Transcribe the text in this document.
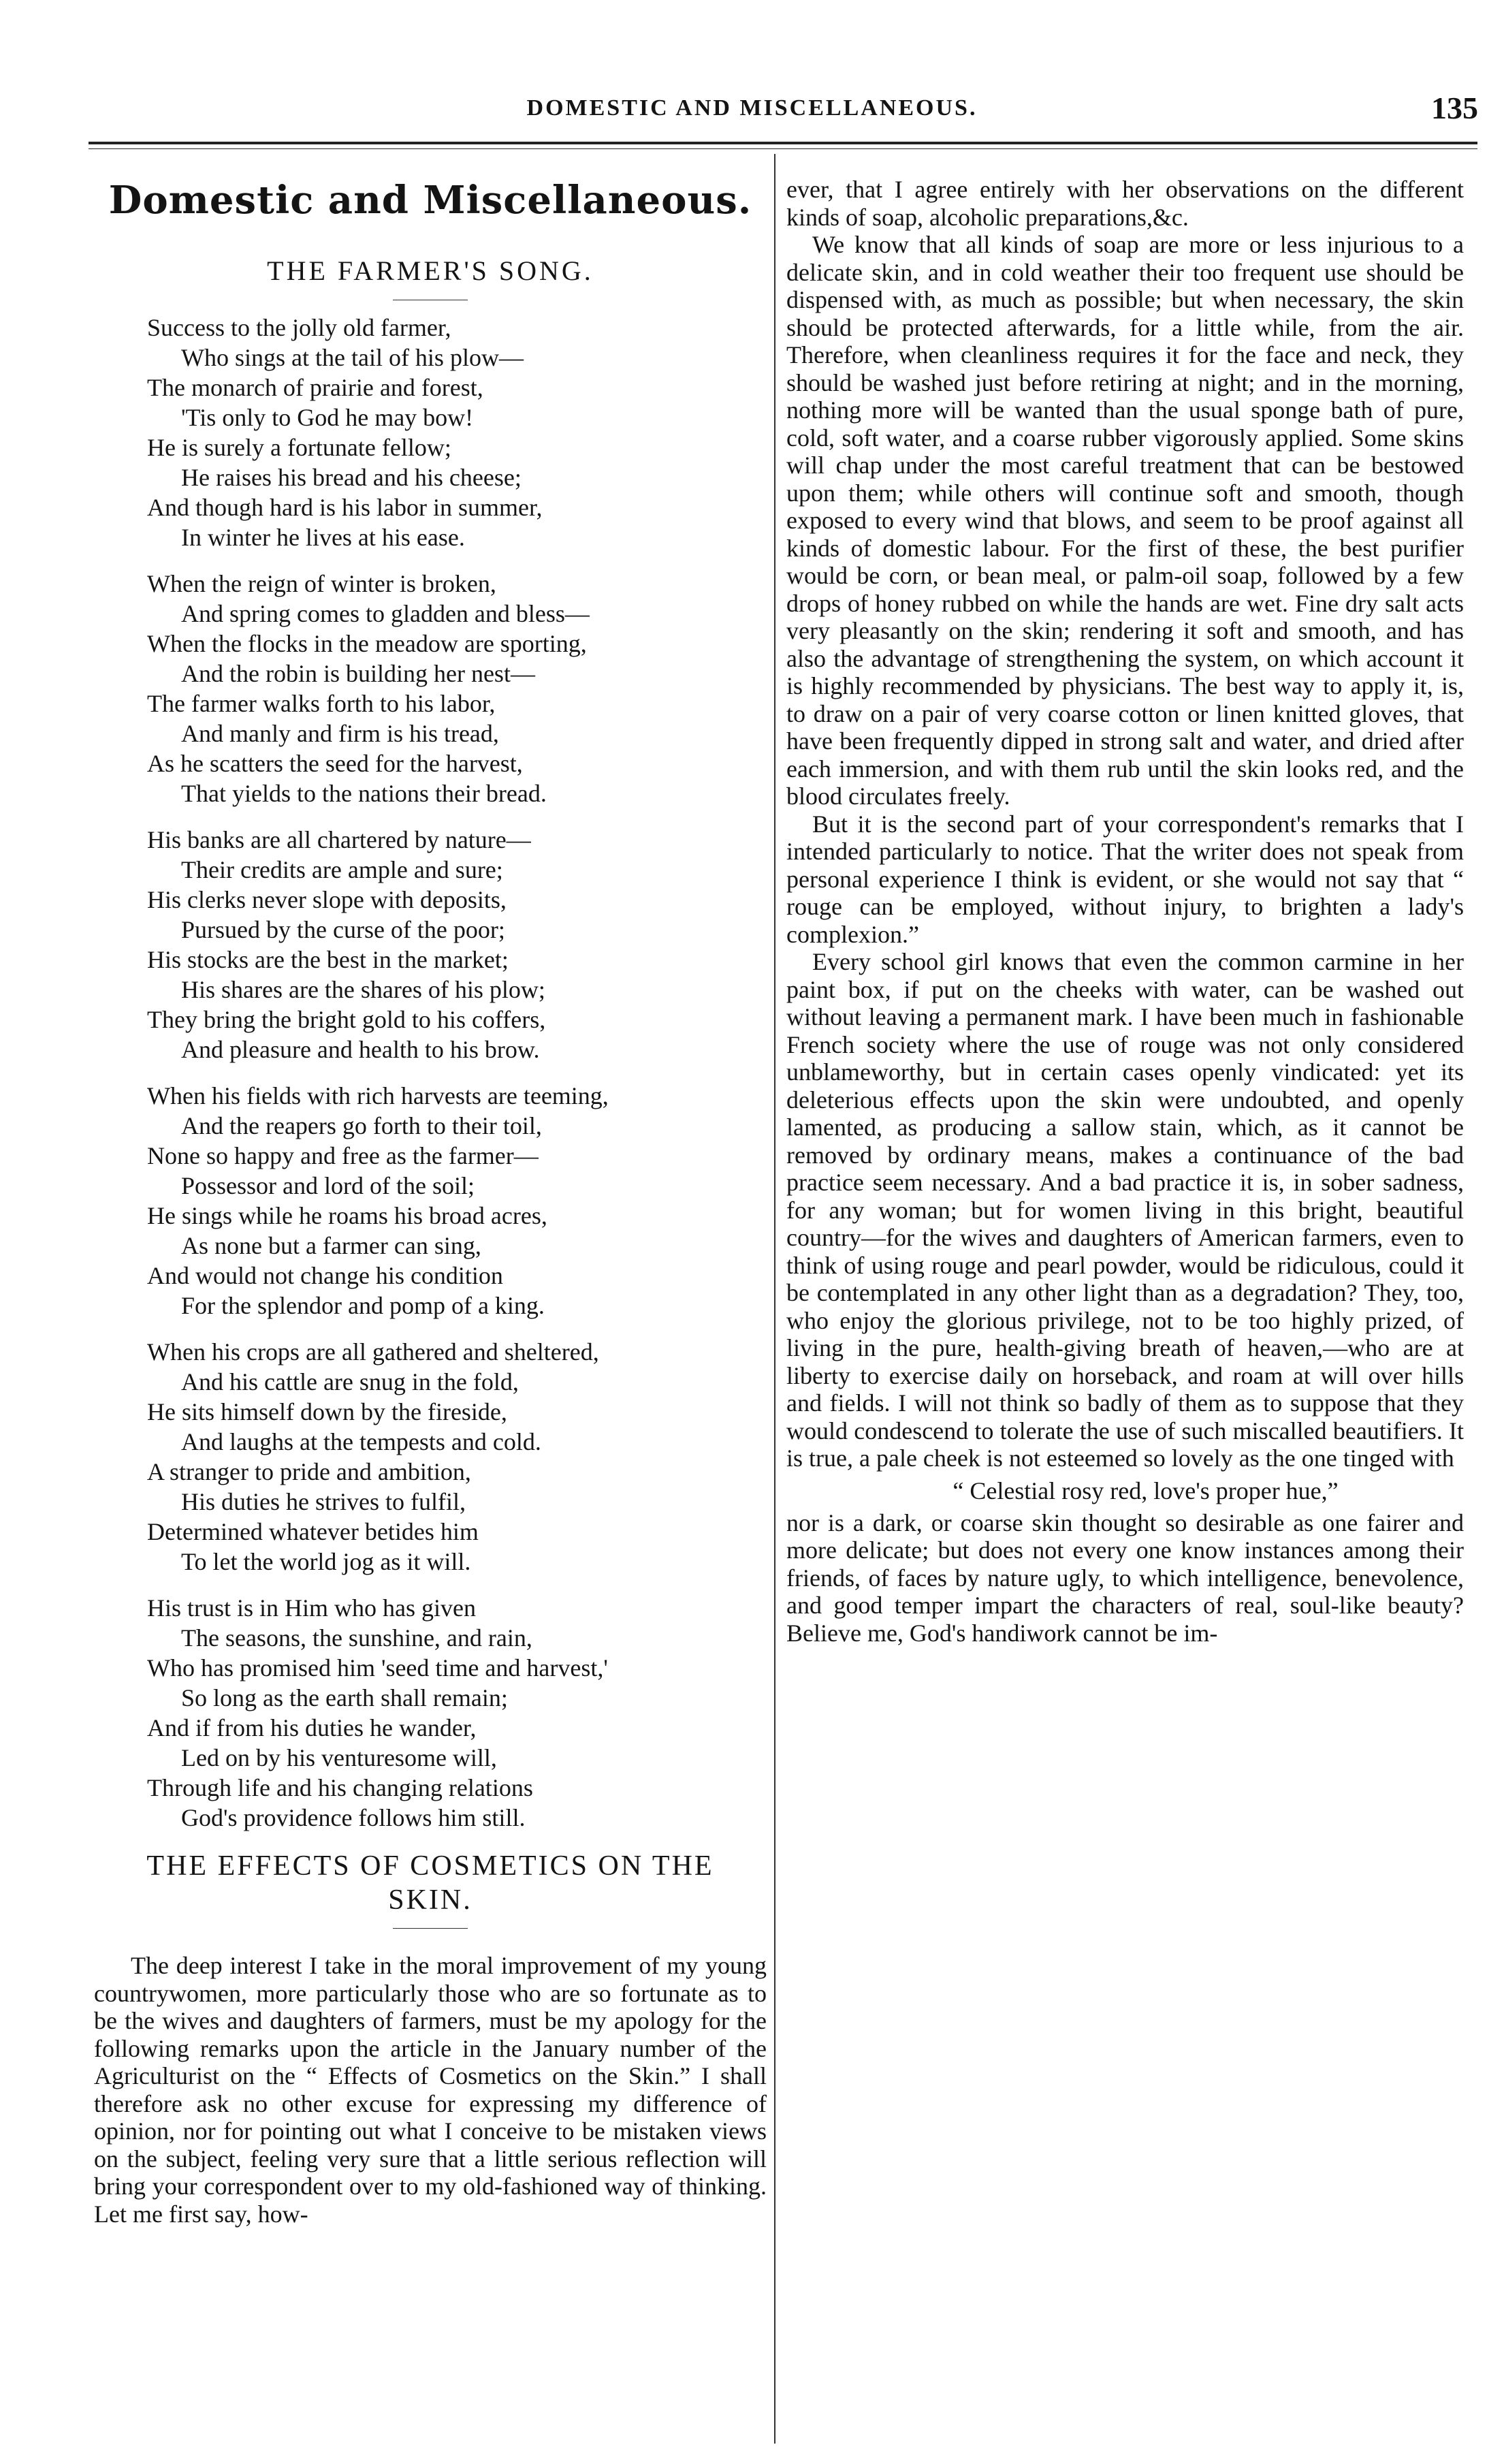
DOMESTIC AND MISCELLANEOUS.	135
Domestic and Miscellaneous.
THE FARMER'S SONG.
Success to the jolly old farmer,
Who sings at the tail of his plow—
The monarch of prairie and forest,
'Tis only to God he may bow!
He is surely a fortunate fellow;
He raises his bread and his cheese;
And though hard is his labor in summer,
In winter he lives at his ease.
When the reign of winter is broken,
And spring comes to gladden and bless—
When the flocks in the meadow are sporting,
And the robin is building her nest—
The farmer walks forth to his labor,
And manly and firm is his tread,
As he scatters the seed for the harvest,
That yields to the nations their bread.
His banks are all chartered by nature—
Their credits are ample and sure;
His clerks never slope with deposits,
Pursued by the curse of the poor;
His stocks are the best in the market;
His shares are the shares of his plow;
They bring the bright gold to his coffers,
And pleasure and health to his brow.
When his fields with rich harvests are teeming,
And the reapers go forth to their toil,
None so happy and free as the farmer—
Possessor and lord of the soil;
He sings while he roams his broad acres,
As none but a farmer can sing,
And would not change his condition
For the splendor and pomp of a king.
When his crops are all gathered and sheltered,
And his cattle are snug in the fold,
He sits himself down by the fireside,
And laughs at the tempests and cold.
A stranger to pride and ambition,
His duties he strives to fulfil,
Determined whatever betides him
To let the world jog as it will.
His trust is in Him who has given
The seasons, the sunshine, and rain,
Who has promised him 'seed time and harvest,'
So long as the earth shall remain;
And if from his duties he wander,
Led on by his venturesome will,
Through life and his changing relations
God's providence follows him still.
THE EFFECTS OF COSMETICS ON THE SKIN.

The deep interest I take in the moral improvement of my young countrywomen, more particularly those who are so fortunate as to be the wives and daughters of farmers, must be my apology for the following remarks upon the article in the January number of the Agriculturist on the “ Effects of Cosmetics on the Skin.” I shall therefore ask no other excuse for expressing my difference of opinion, nor for pointing out what I conceive to be mistaken views on the subject, feeling very sure that a little serious reflection will bring your correspondent over to my old-fashioned way of thinking. Let me first say, how-

ever, that I agree entirely with her observations on the different kinds of soap, alcoholic preparations,&c.

We know that all kinds of soap are more or less injurious to a delicate skin, and in cold weather their too frequent use should be dispensed with, as much as possible; but when necessary, the skin should be protected afterwards, for a little while, from the air. Therefore, when cleanliness requires it for the face and neck, they should be washed just before retiring at night; and in the morning, nothing more will be wanted than the usual sponge bath of pure, cold, soft water, and a coarse rubber vigorously applied. Some skins will chap under the most careful treatment that can be bestowed upon them; while others will continue soft and smooth, though exposed to every wind that blows, and seem to be proof against all kinds of domestic labour. For the first of these, the best purifier would be corn, or bean meal, or palm-oil soap, followed by a few drops of honey rubbed on while the hands are wet. Fine dry salt acts very pleasantly on the skin; rendering it soft and smooth, and has also the advantage of strengthening the system, on which account it is highly recommended by physicians. The best way to apply it, is, to draw on a pair of very coarse cotton or linen knitted gloves, that have been frequently dipped in strong salt and water, and dried after each immersion, and with them rub until the skin looks red, and the blood circulates freely.

But it is the second part of your correspondent's remarks that I intended particularly to notice. That the writer does not speak from personal experience I think is evident, or she would not say that “ rouge can be employed, without injury, to brighten a lady's complexion.”

Every school girl knows that even the common carmine in her paint box, if put on the cheeks with water, can be washed out without leaving a permanent mark. I have been much in fashionable French society where the use of rouge was not only considered unblameworthy, but in certain cases openly vindicated: yet its deleterious effects upon the skin were undoubted, and openly lamented, as producing a sallow stain, which, as it cannot be removed by ordinary means, makes a continuance of the bad practice seem necessary. And a bad practice it is, in sober sadness, for any woman; but for women living in this bright, beautiful country—for the wives and daughters of American farmers, even to think of using rouge and pearl powder, would be ridiculous, could it be contemplated in any other light than as a degradation? They, too, who enjoy the glorious privilege, not to be too highly prized, of living in the pure, health-giving breath of heaven,—who are at liberty to exercise daily on horseback, and roam at will over hills and fields. I will not think so badly of them as to suppose that they would condescend to tolerate the use of such miscalled beautifiers. It is true, a pale cheek is not esteemed so lovely as the one tinged with

“ Celestial rosy red, love's proper hue,”

nor is a dark, or coarse skin thought so desirable as one fairer and more delicate; but does not every one know instances among their friends, of faces by nature ugly, to which intelligence, benevolence, and good temper impart the characters of real, soul-like beauty? Believe me, God's handiwork cannot be im-
